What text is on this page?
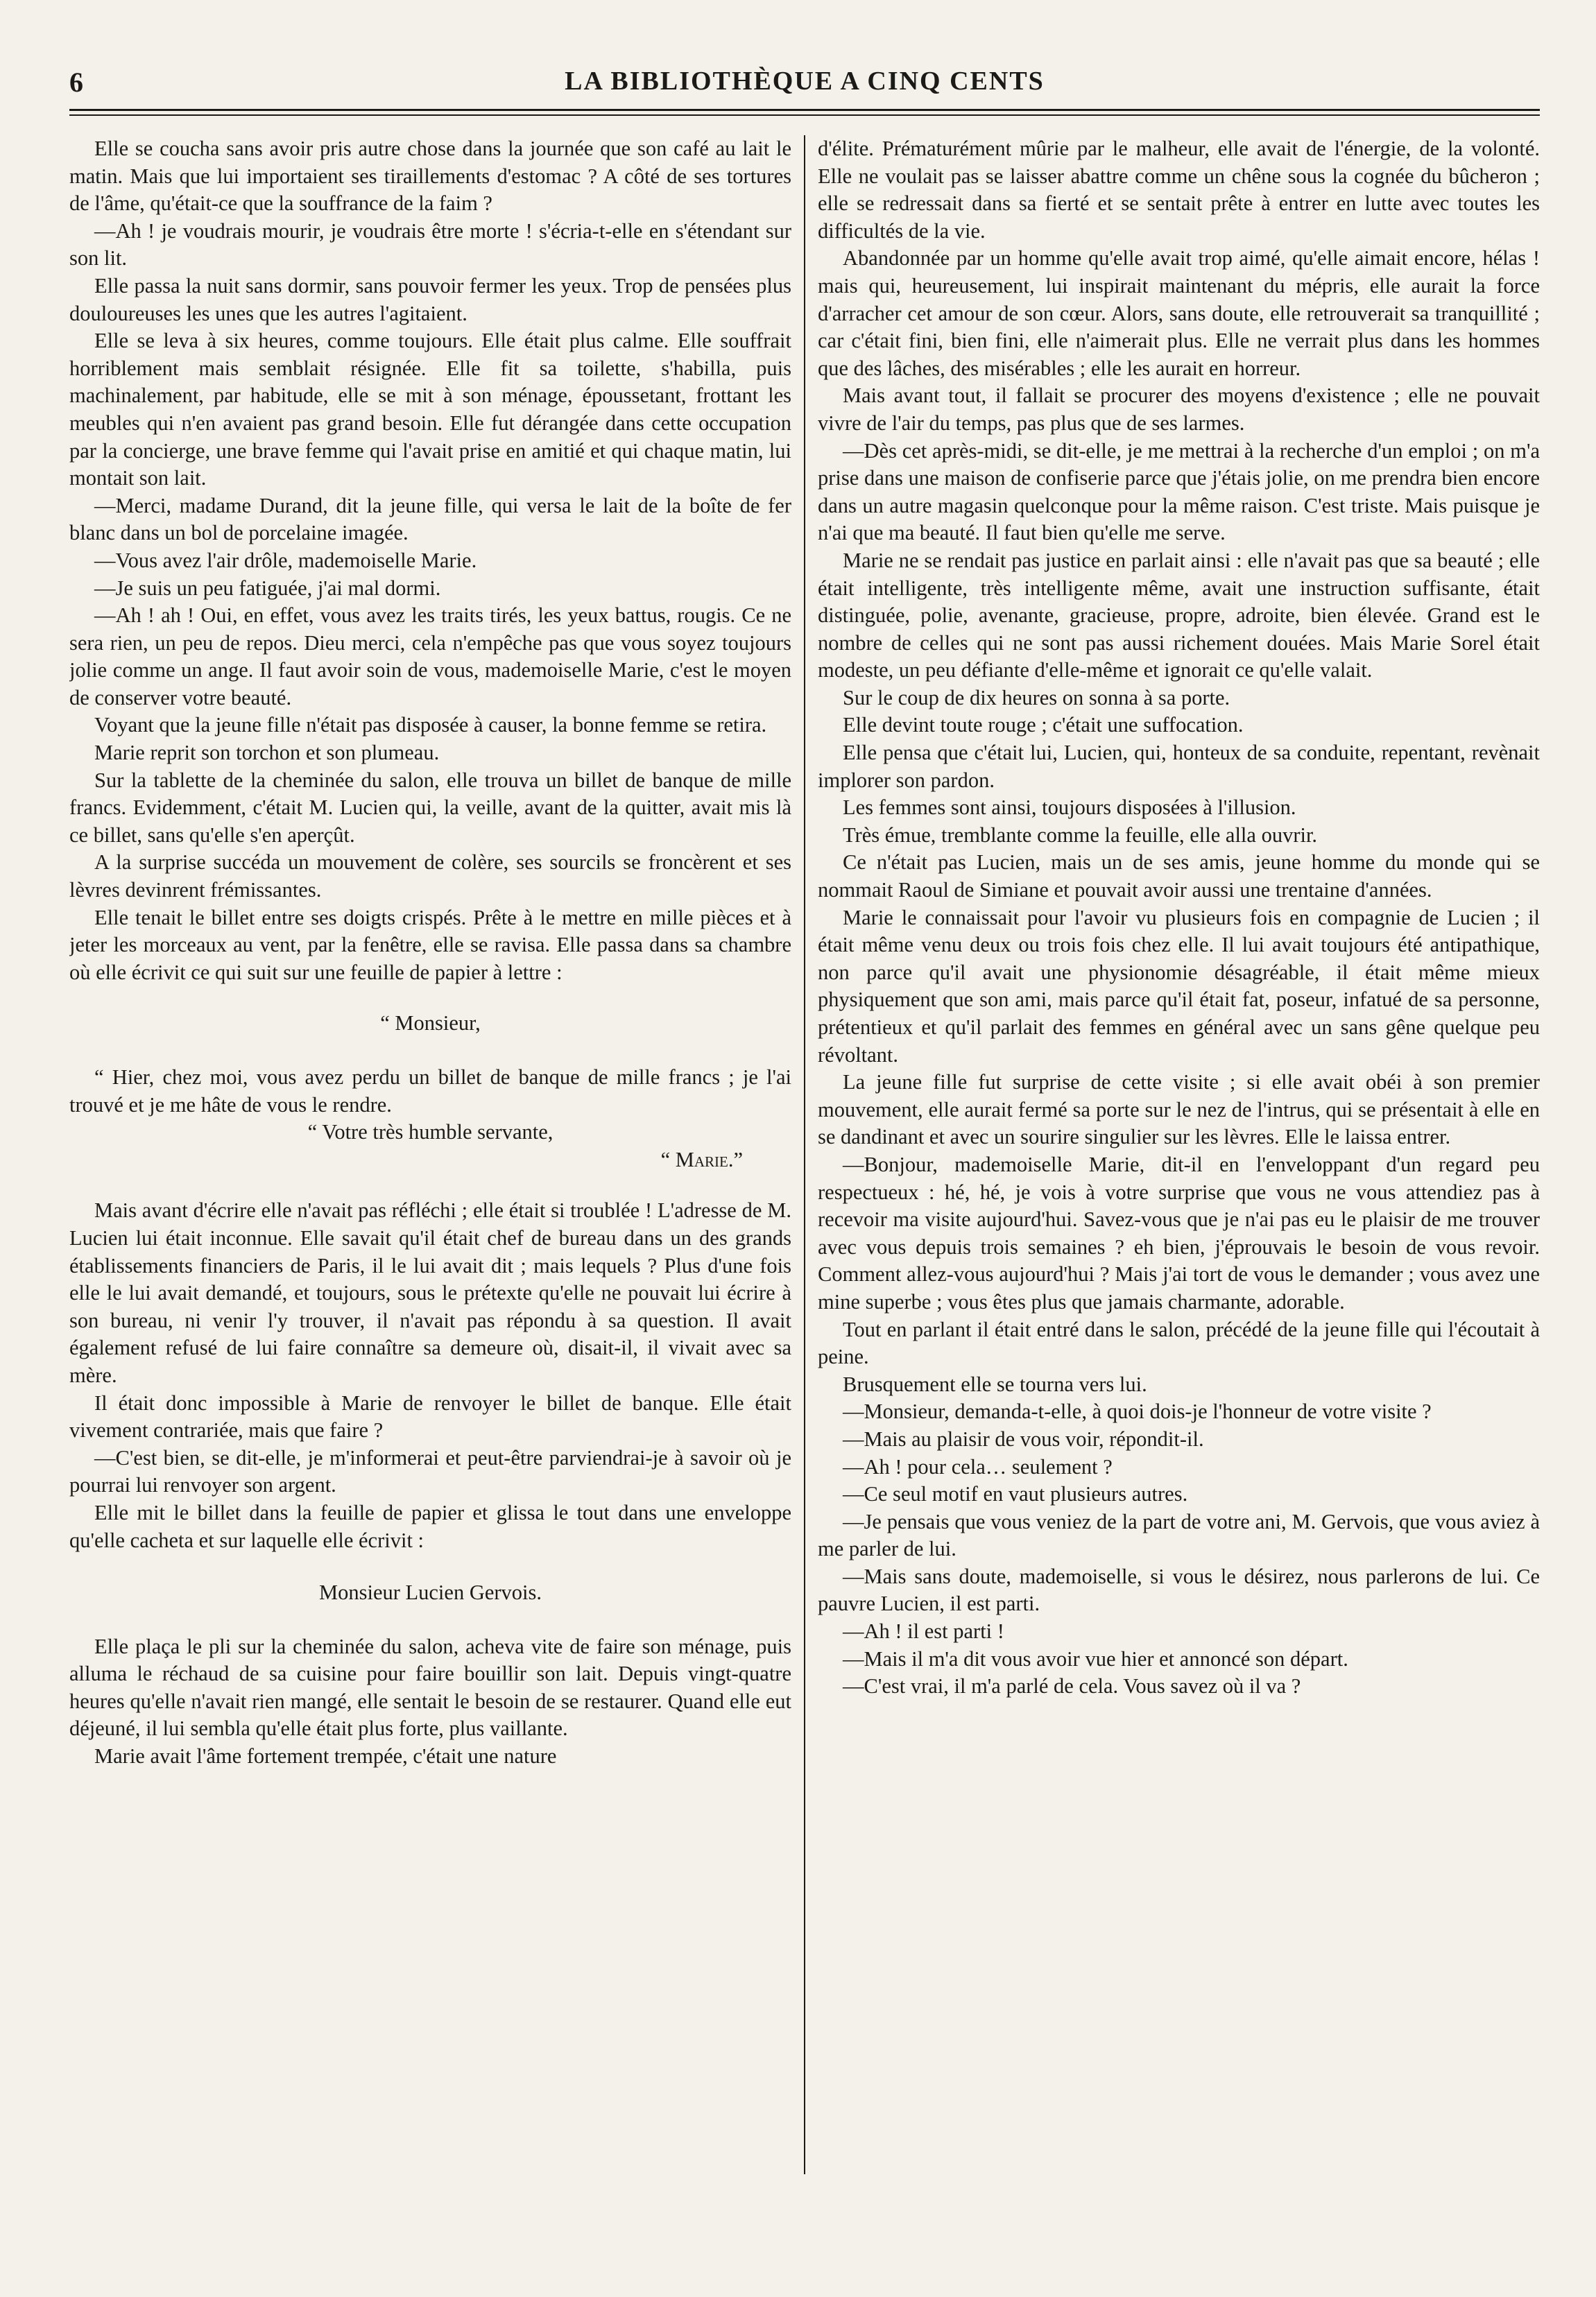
6	LA BIBLIOTHÈQUE A CINQ CENTS

Elle se coucha sans avoir pris autre chose dans la journée que son café au lait le matin. Mais que lui importaient ses tiraillements d'estomac ? A côté de ses tortures de l'âme, qu'était-ce que la souffrance de la faim ?

—Ah ! je voudrais mourir, je voudrais être morte ! s'écria-t-elle en s'étendant sur son lit.

Elle passa la nuit sans dormir, sans pouvoir fermer les yeux. Trop de pensées plus douloureuses les unes que les autres l'agitaient.

Elle se leva à six heures, comme toujours. Elle était plus calme. Elle souffrait horriblement mais semblait résignée. Elle fit sa toilette, s'habilla, puis machinalement, par habitude, elle se mit à son ménage, époussetant, frottant les meubles qui n'en avaient pas grand besoin. Elle fut dérangée dans cette occupation par la concierge, une brave femme qui l'avait prise en amitié et qui chaque matin, lui montait son lait.

—Merci, madame Durand, dit la jeune fille, qui versa le lait de la boîte de fer blanc dans un bol de porcelaine imagée.

—Vous avez l'air drôle, mademoiselle Marie.

—Je suis un peu fatiguée, j'ai mal dormi.

—Ah ! ah ! Oui, en effet, vous avez les traits tirés, les yeux battus, rougis. Ce ne sera rien, un peu de repos. Dieu merci, cela n'empêche pas que vous soyez toujours jolie comme un ange. Il faut avoir soin de vous, mademoiselle Marie, c'est le moyen de conserver votre beauté.

Voyant que la jeune fille n'était pas disposée à causer, la bonne femme se retira.

Marie reprit son torchon et son plumeau.

Sur la tablette de la cheminée du salon, elle trouva un billet de banque de mille francs. Evidemment, c'était M. Lucien qui, la veille, avant de la quitter, avait mis là ce billet, sans qu'elle s'en aperçût.

A la surprise succéda un mouvement de colère, ses sourcils se froncèrent et ses lèvres devinrent frémissantes.

Elle tenait le billet entre ses doigts crispés. Prête à le mettre en mille pièces et à jeter les morceaux au vent, par la fenêtre, elle se ravisa. Elle passa dans sa chambre où elle écrivit ce qui suit sur une feuille de papier à lettre :

“ Monsieur,

“ Hier, chez moi, vous avez perdu un billet de banque de mille francs ; je l'ai trouvé et je me hâte de vous le rendre.

“ Votre très humble servante,

“ Marie.”

Mais avant d'écrire elle n'avait pas réfléchi ; elle était si troublée ! L'adresse de M. Lucien lui était inconnue. Elle savait qu'il était chef de bureau dans un des grands établissements financiers de Paris, il le lui avait dit ; mais lequels ? Plus d'une fois elle le lui avait demandé, et toujours, sous le prétexte qu'elle ne pouvait lui écrire à son bureau, ni venir l'y trouver, il n'avait pas répondu à sa question. Il avait également refusé de lui faire connaître sa demeure où, disait-il, il vivait avec sa mère.

Il était donc impossible à Marie de renvoyer le billet de banque. Elle était vivement contrariée, mais que faire ?

—C'est bien, se dit-elle, je m'informerai et peut-être parviendrai-je à savoir où je pourrai lui renvoyer son argent.

Elle mit le billet dans la feuille de papier et glissa le tout dans une enveloppe qu'elle cacheta et sur laquelle elle écrivit :

Monsieur Lucien Gervois.

Elle plaça le pli sur la cheminée du salon, acheva vite de faire son ménage, puis alluma le réchaud de sa cuisine pour faire bouillir son lait. Depuis vingt-quatre heures qu'elle n'avait rien mangé, elle sentait le besoin de se restaurer. Quand elle eut déjeuné, il lui sembla qu'elle était plus forte, plus vaillante.

Marie avait l'âme fortement trempée, c'était une nature

d'élite. Prématurément mûrie par le malheur, elle avait de l'énergie, de la volonté. Elle ne voulait pas se laisser abattre comme un chêne sous la cognée du bûcheron ; elle se redressait dans sa fierté et se sentait prête à entrer en lutte avec toutes les difficultés de la vie.

Abandonnée par un homme qu'elle avait trop aimé, qu'elle aimait encore, hélas ! mais qui, heureusement, lui inspirait maintenant du mépris, elle aurait la force d'arracher cet amour de son cœur. Alors, sans doute, elle retrouverait sa tranquillité ; car c'était fini, bien fini, elle n'aimerait plus. Elle ne verrait plus dans les hommes que des lâches, des misérables ; elle les aurait en horreur.

Mais avant tout, il fallait se procurer des moyens d'existence ; elle ne pouvait vivre de l'air du temps, pas plus que de ses larmes.

—Dès cet après-midi, se dit-elle, je me mettrai à la recherche d'un emploi ; on m'a prise dans une maison de confiserie parce que j'étais jolie, on me prendra bien encore dans un autre magasin quelconque pour la même raison. C'est triste. Mais puisque je n'ai que ma beauté. Il faut bien qu'elle me serve.

Marie ne se rendait pas justice en parlait ainsi : elle n'avait pas que sa beauté ; elle était intelligente, très intelligente même, avait une instruction suffisante, était distinguée, polie, avenante, gracieuse, propre, adroite, bien élevée. Grand est le nombre de celles qui ne sont pas aussi richement douées. Mais Marie Sorel était modeste, un peu défiante d'elle-même et ignorait ce qu'elle valait.

Sur le coup de dix heures on sonna à sa porte.

Elle devint toute rouge ; c'était une suffocation.

Elle pensa que c'était lui, Lucien, qui, honteux de sa conduite, repentant, revènait implorer son pardon.

Les femmes sont ainsi, toujours disposées à l'illusion.

Très émue, tremblante comme la feuille, elle alla ouvrir.

Ce n'était pas Lucien, mais un de ses amis, jeune homme du monde qui se nommait Raoul de Simiane et pouvait avoir aussi une trentaine d'années.

Marie le connaissait pour l'avoir vu plusieurs fois en compagnie de Lucien ; il était même venu deux ou trois fois chez elle. Il lui avait toujours été antipathique, non parce qu'il avait une physionomie désagréable, il était même mieux physiquement que son ami, mais parce qu'il était fat, poseur, infatué de sa personne, prétentieux et qu'il parlait des femmes en général avec un sans gêne quelque peu révoltant.

La jeune fille fut surprise de cette visite ; si elle avait obéi à son premier mouvement, elle aurait fermé sa porte sur le nez de l'intrus, qui se présentait à elle en se dandinant et avec un sourire singulier sur les lèvres. Elle le laissa entrer.

—Bonjour, mademoiselle Marie, dit-il en l'enveloppant d'un regard peu respectueux : hé, hé, je vois à votre surprise que vous ne vous attendiez pas à recevoir ma visite aujourd'hui. Savez-vous que je n'ai pas eu le plaisir de me trouver avec vous depuis trois semaines ? eh bien, j'éprouvais le besoin de vous revoir. Comment allez-vous aujourd'hui ? Mais j'ai tort de vous le demander ; vous avez une mine superbe ; vous êtes plus que jamais charmante, adorable.

Tout en parlant il était entré dans le salon, précédé de la jeune fille qui l'écoutait à peine.

Brusquement elle se tourna vers lui.

—Monsieur, demanda-t-elle, à quoi dois-je l'honneur de votre visite ?

—Mais au plaisir de vous voir, répondit-il.

—Ah ! pour cela… seulement ?

—Ce seul motif en vaut plusieurs autres.

—Je pensais que vous veniez de la part de votre ani, M. Gervois, que vous aviez à me parler de lui.

—Mais sans doute, mademoiselle, si vous le désirez, nous parlerons de lui. Ce pauvre Lucien, il est parti.

—Ah ! il est parti !

—Mais il m'a dit vous avoir vue hier et annoncé son départ.

—C'est vrai, il m'a parlé de cela. Vous savez où il va ?
